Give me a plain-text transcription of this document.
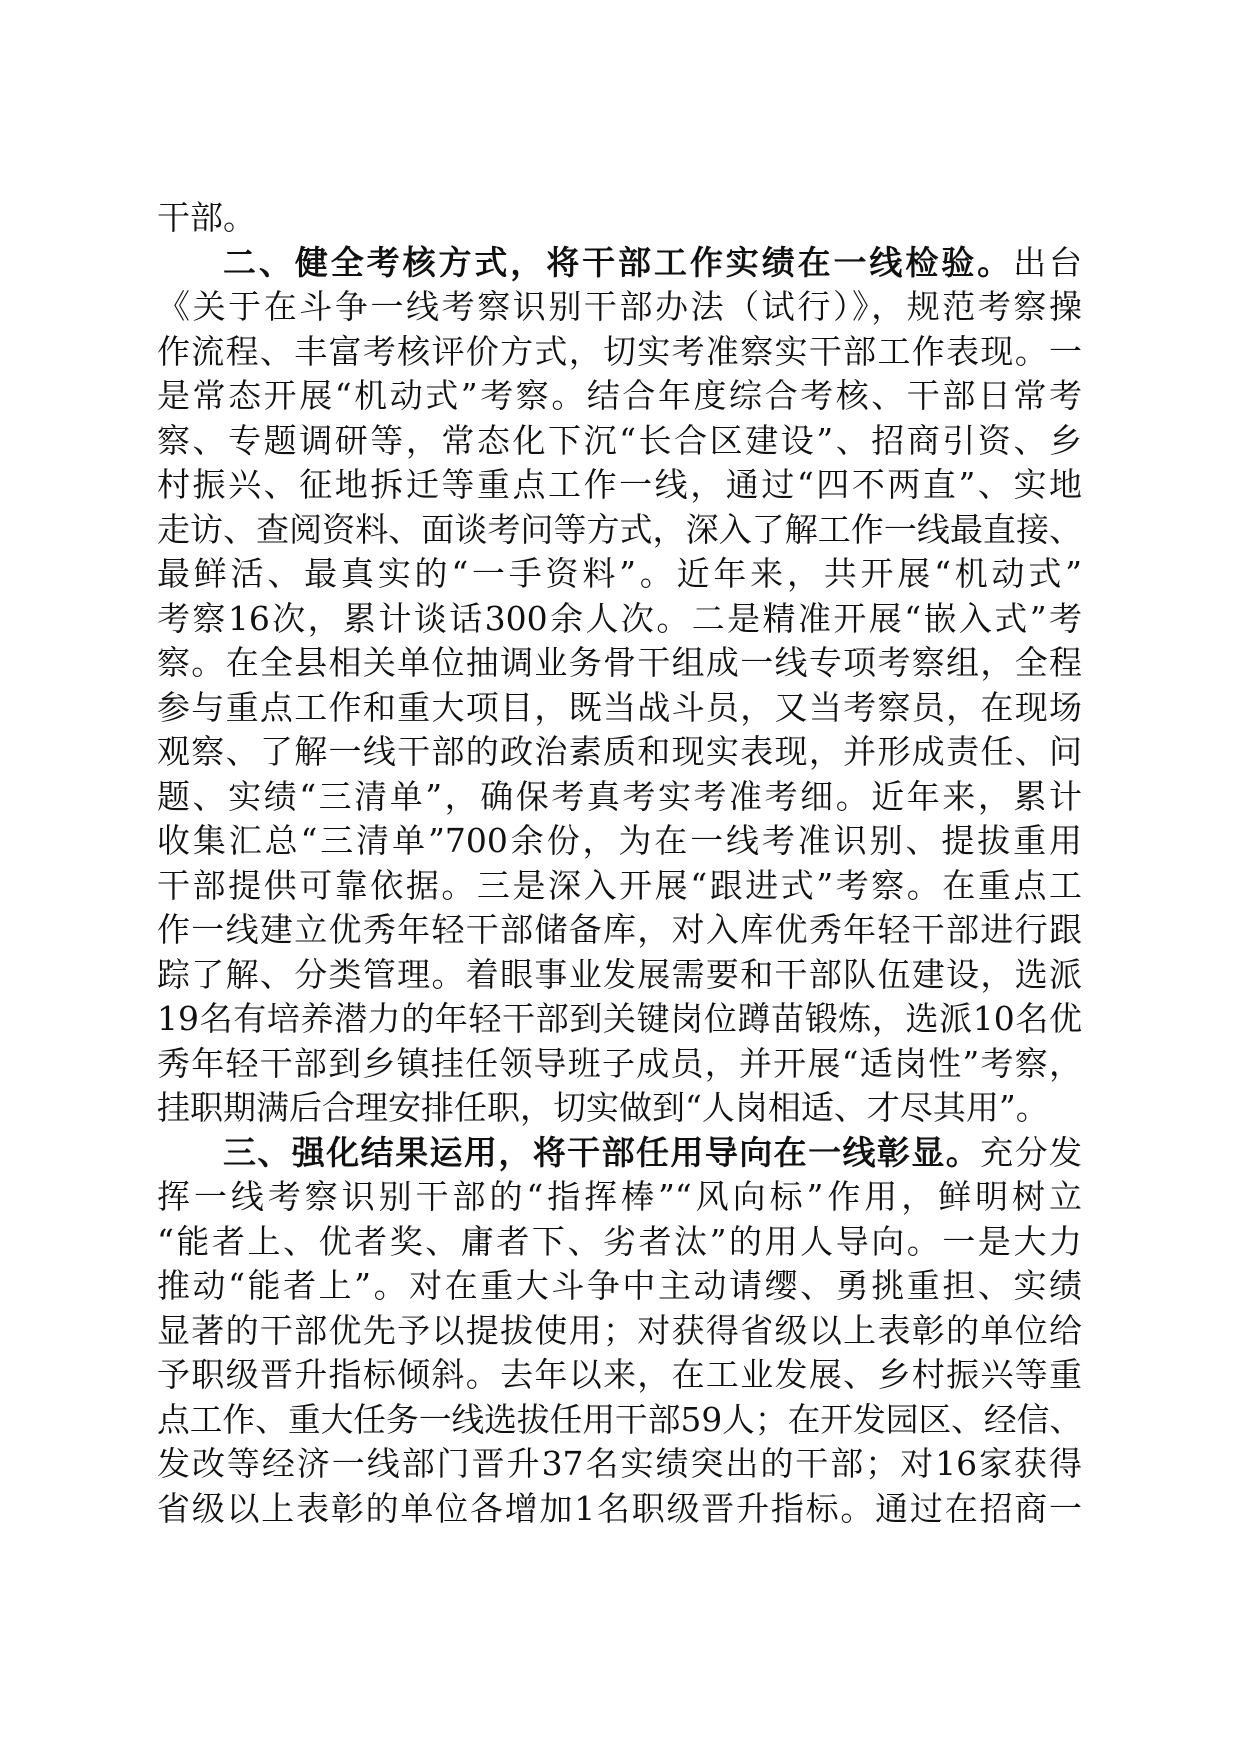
干部。
二、健全考核方式，将干部工作实绩在一线检验。出台
《关于在斗争一线考察识别干部办法（试行）》，规范考察操
作流程、丰富考核评价方式，切实考准察实干部工作表现。一
是常态开展“机动式”考察。结合年度综合考核、干部日常考
察、专题调研等，常态化下沉“长合区建设”、招商引资、乡
村振兴、征地拆迁等重点工作一线，通过“四不两直”、实地
走访、查阅资料、面谈考问等方式，深入了解工作一线最直接、
最鲜活、最真实的“一手资料”。近年来，共开展“机动式”
考察16次，累计谈话300余人次。二是精准开展“嵌入式”考
察。在全县相关单位抽调业务骨干组成一线专项考察组，全程
参与重点工作和重大项目，既当战斗员，又当考察员，在现场
观察、了解一线干部的政治素质和现实表现，并形成责任、问
题、实绩“三清单”，确保考真考实考准考细。近年来，累计
收集汇总“三清单”700余份，为在一线考准识别、提拔重用
干部提供可靠依据。三是深入开展“跟进式”考察。在重点工
作一线建立优秀年轻干部储备库，对入库优秀年轻干部进行跟
踪了解、分类管理。着眼事业发展需要和干部队伍建设，选派
19名有培养潜力的年轻干部到关键岗位蹲苗锻炼，选派10名优
秀年轻干部到乡镇挂任领导班子成员，并开展“适岗性”考察，
挂职期满后合理安排任职，切实做到“人岗相适、才尽其用”。
三、强化结果运用，将干部任用导向在一线彰显。充分发
挥一线考察识别干部的“指挥棒”“风向标”作用，鲜明树立
“能者上、优者奖、庸者下、劣者汰”的用人导向。一是大力
推动“能者上”。对在重大斗争中主动请缨、勇挑重担、实绩
显著的干部优先予以提拔使用；对获得省级以上表彰的单位给
予职级晋升指标倾斜。去年以来，在工业发展、乡村振兴等重
点工作、重大任务一线选拔任用干部59人；在开发园区、经信、
发改等经济一线部门晋升37名实绩突出的干部；对16家获得
省级以上表彰的单位各增加1名职级晋升指标。通过在招商一
